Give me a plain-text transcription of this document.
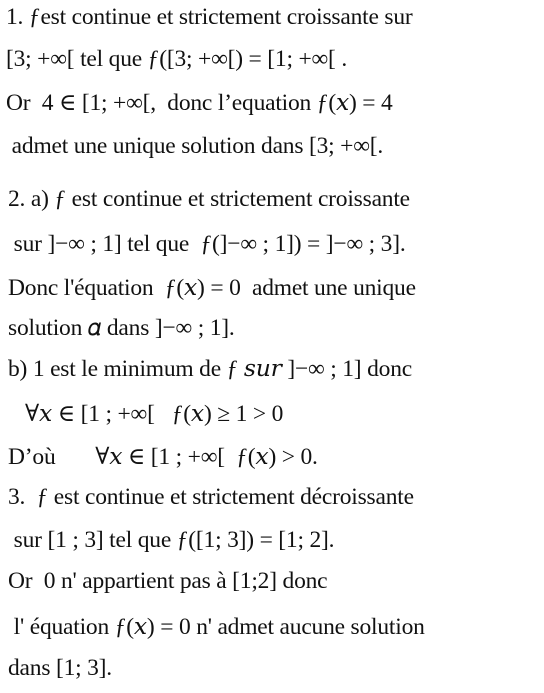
1. ƒest continue et strictement croissante sur
[3; +∞[ tel que ƒ([3; +∞[) = [1; +∞[ .
Or  4 ∈ [1; +∞[,  donc l’equation ƒ(𝑥) = 4
admet une unique solution dans [3; +∞[.
2. a) ƒ est continue et strictement croissante
sur ]−∞ ; 1] tel que  ƒ(]−∞ ; 1]) = ]−∞ ; 3].
Donc l'équation  ƒ(𝑥) = 0  admet une unique
solution 𝛼 dans ]−∞ ; 1].
b) 1 est le minimum de ƒ 𝑠𝑢𝑟 ]−∞ ; 1] donc
∀𝑥 ∈ [1 ; +∞[   ƒ(𝑥) ≥ 1 > 0
D’où       ∀𝑥 ∈ [1 ; +∞[  ƒ(𝑥) > 0.
3.  ƒ est continue et strictement décroissante
sur [1 ; 3] tel que ƒ([1; 3]) = [1; 2].
Or  0 n' appartient pas à [1;2] donc
l' équation ƒ(𝑥) = 0 n' admet aucune solution
dans [1; 3].
